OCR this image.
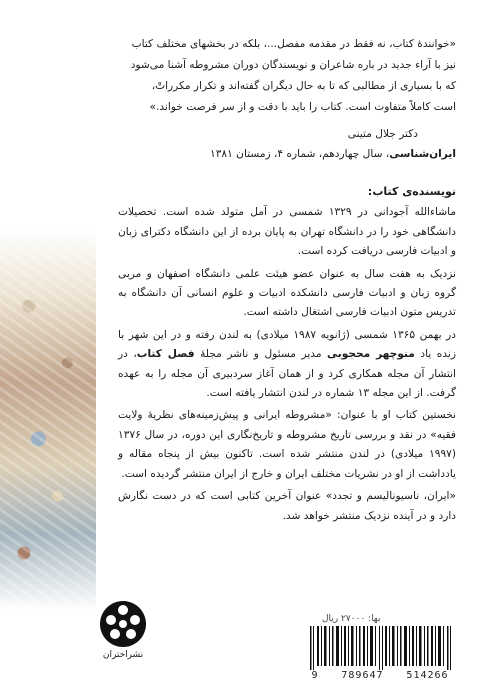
«خوانندهٔ کتاب، نه فقط در مقدمه مفصل...، بلکه در بخشهای مختلف کتاب

نیز با آراء جدید در باره شاعران و نویسندگان دوران مشروطه آشنا می‌شود

که با بسیاری از مطالبی که تا به حال دیگران گفته‌اند و تکرار مکرراتْ،

است کاملاً متفاوت است. کتاب را باید با دقت و از سر فرصت خواند.»

دکتر جلال متینی
ایران‌شناسی، سال چهاردهم، شماره ۴، زمستان ۱۳۸۱
نویسنده‌ی کتاب:

ماشاءالله آجودانی در ۱۳۲۹ شمسی در آمل متولد شده است. تحصیلات دانشگاهی خود را در دانشگاه تهران به پایان برده از این دانشگاه دکترای زبان و ادبیات فارسی دریافت کرده است.

نزدیک به هفت سال به عنوان عضو هیئت علمی دانشگاه اصفهان و مربی گروه زبان و ادبیات فارسی دانشکده ادبیات و علوم انسانی آن دانشگاه به تدریس متون ادبیات فارسی اشتغال داشته است.

در بهمن ۱۳۶۵ شمسی (ژانویه ۱۹۸۷ میلادی) به لندن رفته و در این شهر با زنده یاد منوچهر محجوبی مدیر مسئول و ناشر مجلهٔ فصل کتاب، در انتشار آن مجله همکاری کرد و از همان آغاز سردبیری آن مجله را به عهده گرفت. از این مجله ۱۳ شماره در لندن انتشار یافته است.

نخستین کتاب او با عنوان: «مشروطه ایرانی و پیش‌زمینه‌های نظریهٔ ولایت فقیه» در نقد و بررسی تاریخ مشروطه و تاریخ‌نگاری این دوره، در سال ۱۳۷۶ (۱۹۹۷ میلادی) در لندن منتشر شده است. تاکنون بیش از پنجاه مقاله و یادداشت از او در نشریات مختلف ایران و خارج از ایران منتشر گردیده است.

«ایران، ناسیونالیسم و تجدد» عنوان آخرین کتابی است که در دست نگارش دارد و در آینده نزدیک منتشر خواهد شد.

نشراختران
بها: ۲۷۰۰۰ ریال
9 789647 514266
